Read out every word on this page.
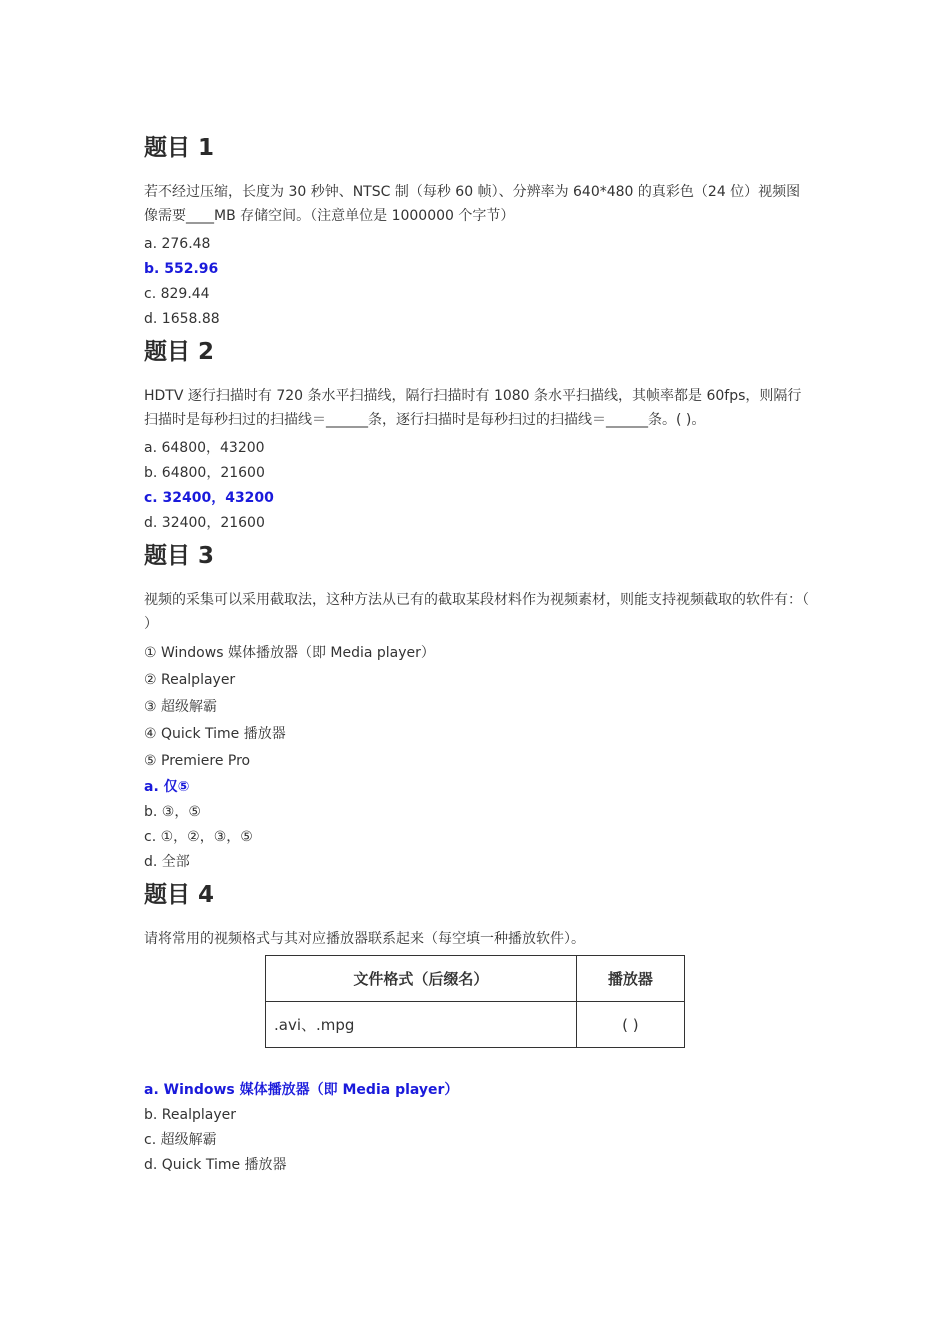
题目 1

若不经过压缩，长度为 30 秒钟、NTSC 制（每秒 60 帧）、分辨率为 640*480 的真彩色（24 位）视频图像需要____MB 存储空间。（注意单位是 1000000 个字节）

a. 276.48
b. 552.96
c. 829.44
d. 1658.88
题目 2

HDTV 逐行扫描时有 720 条水平扫描线，隔行扫描时有 1080 条水平扫描线，其帧率都是 60fps，则隔行扫描时是每秒扫过的扫描线＝______条，逐行扫描时是每秒扫过的扫描线＝______条。( )。

a. 64800，43200
b. 64800，21600
c. 32400，43200
d. 32400，21600
题目 3

视频的采集可以采用截取法，这种方法从已有的截取某段材料作为视频素材，则能支持视频截取的软件有：（ ）

① Windows 媒体播放器（即 Media player）
② Realplayer
③ 超级解霸
④ Quick Time 播放器
⑤ Premiere Pro
a. 仅⑤
b. ③，⑤
c. ①，②，③，⑤
d. 全部
题目 4

请将常用的视频格式与其对应播放器联系起来（每空填一种播放软件）。

文件格式（后缀名）	播放器
.avi、.mpg	( )
a. Windows 媒体播放器（即 Media player）
b. Realplayer
c. 超级解霸
d. Quick Time 播放器
